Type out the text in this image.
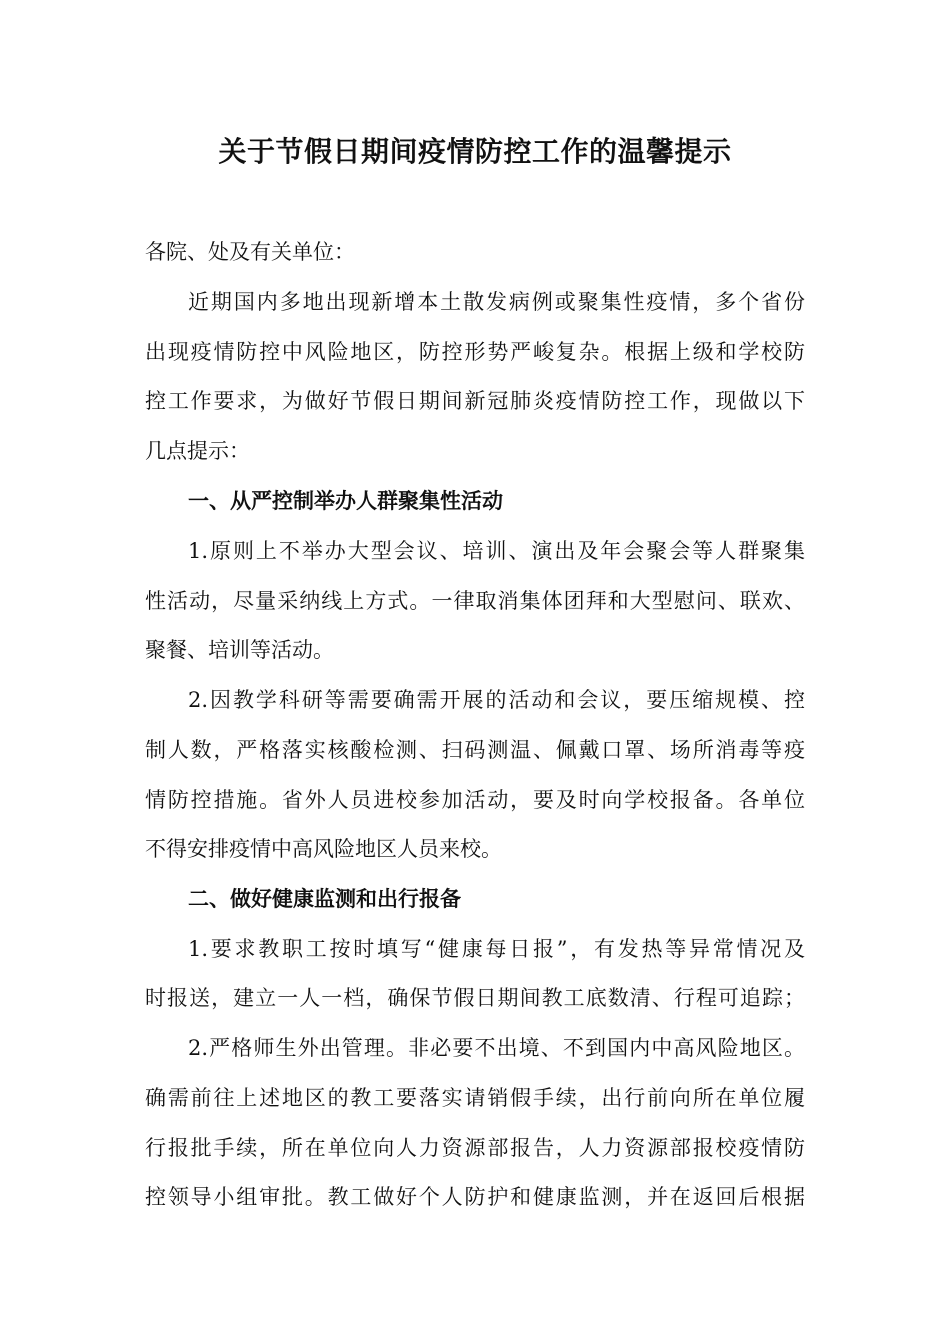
关于节假日期间疫情防控工作的温馨提示
各院、处及有关单位：
近期国内多地出现新增本土散发病例或聚集性疫情，多个省份
出现疫情防控中风险地区，防控形势严峻复杂。根据上级和学校防
控工作要求，为做好节假日期间新冠肺炎疫情防控工作，现做以下
几点提示：
一、从严控制举办人群聚集性活动
1.原则上不举办大型会议、培训、演出及年会聚会等人群聚集
性活动，尽量采纳线上方式。一律取消集体团拜和大型慰问、联欢、
聚餐、培训等活动。
2.因教学科研等需要确需开展的活动和会议，要压缩规模、控
制人数，严格落实核酸检测、扫码测温、佩戴口罩、场所消毒等疫
情防控措施。省外人员进校参加活动，要及时向学校报备。各单位
不得安排疫情中高风险地区人员来校。
二、做好健康监测和出行报备
1.要求教职工按时填写“健康每日报”，有发热等异常情况及
时报送，建立一人一档，确保节假日期间教工底数清、行程可追踪；
2.严格师生外出管理。非必要不出境、不到国内中高风险地区。
确需前往上述地区的教工要落实请销假手续，出行前向所在单位履
行报批手续，所在单位向人力资源部报告，人力资源部报校疫情防
控领导小组审批。教工做好个人防护和健康监测，并在返回后根据
